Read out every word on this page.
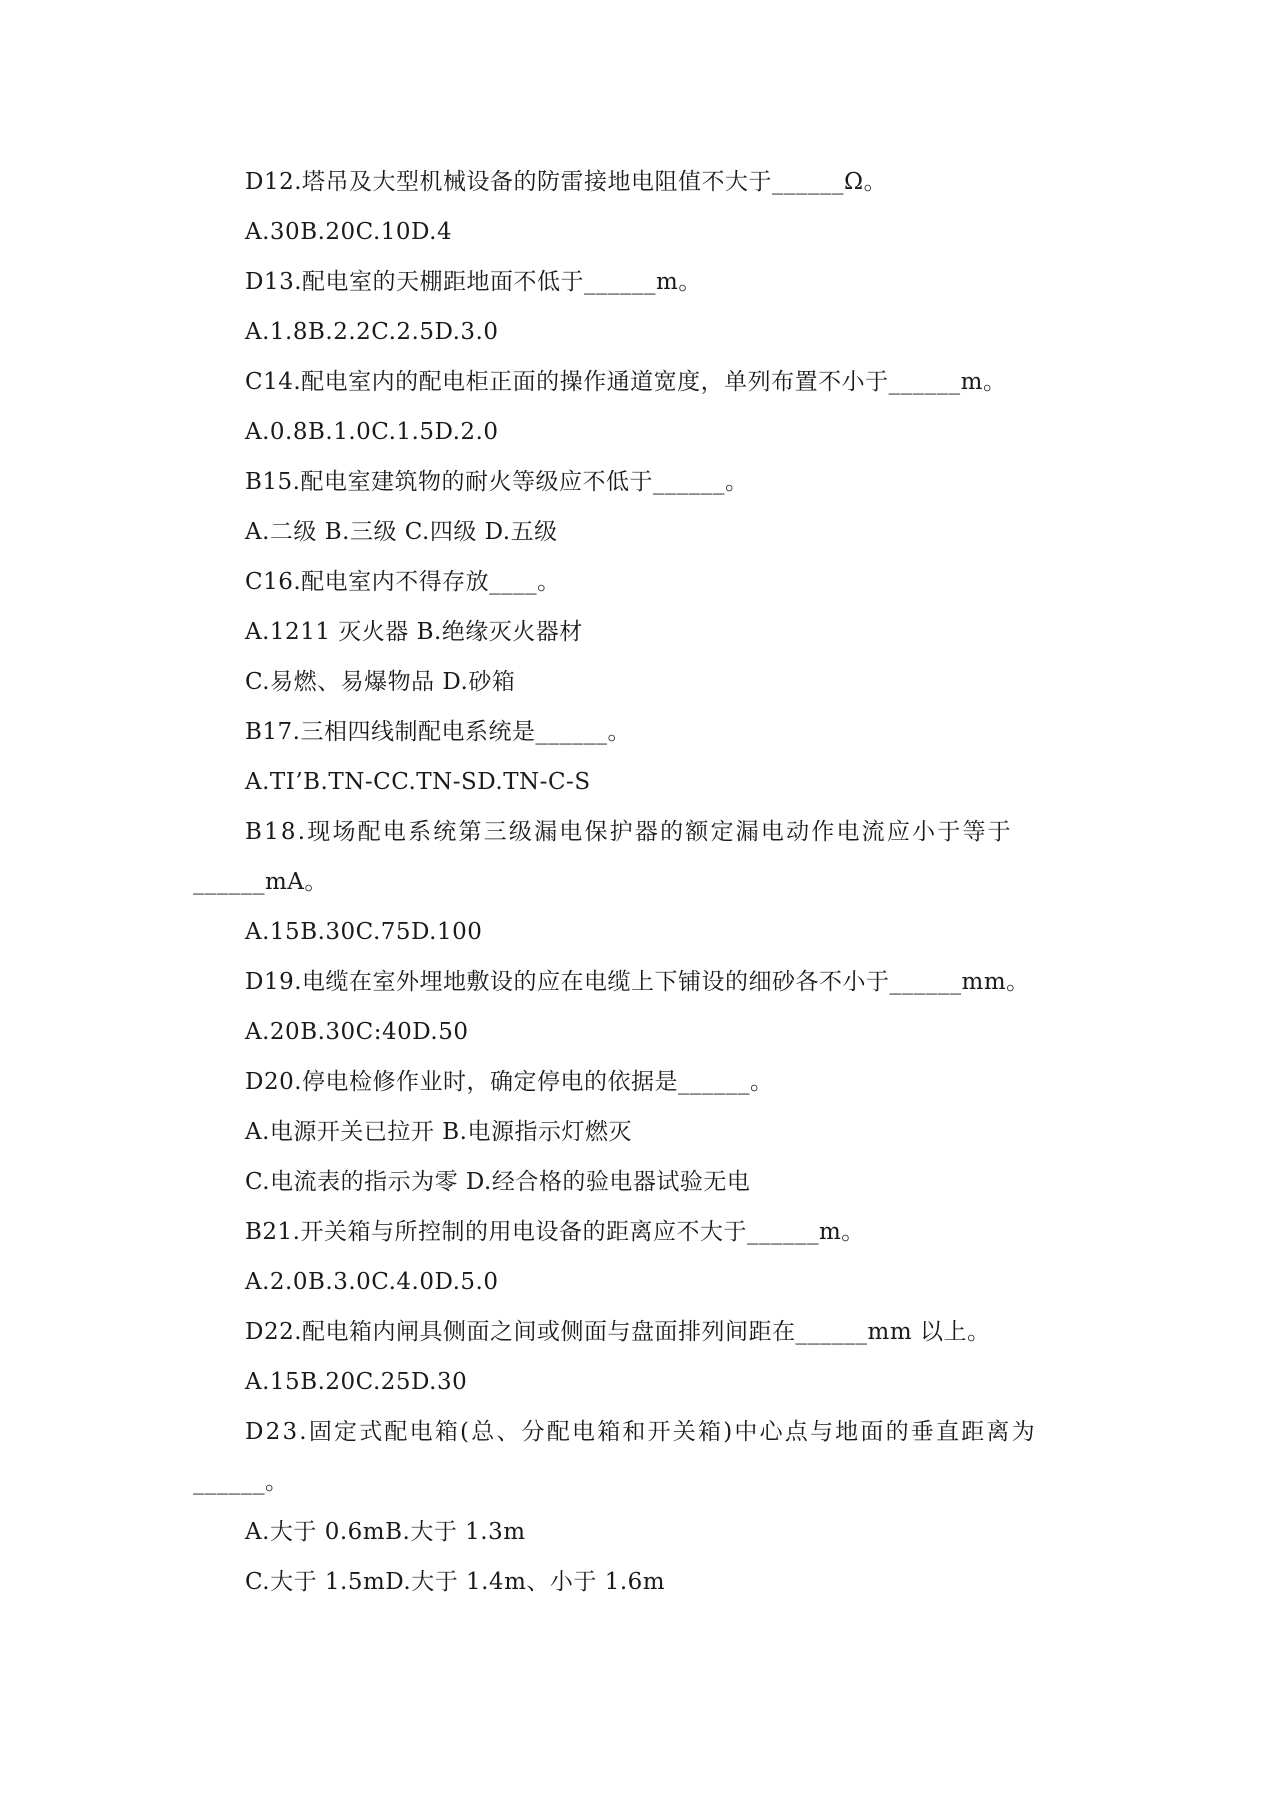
D12.塔吊及大型机械设备的防雷接地电阻值不大于______Ω。
A.30B.20C.10D.4
D13.配电室的天棚距地面不低于______m。
A.1.8B.2.2C.2.5D.3.0
C14.配电室内的配电柜正面的操作通道宽度，单列布置不小于______m。
A.0.8B.1.0C.1.5D.2.0
B15.配电室建筑物的耐火等级应不低于______。
A.二级 B.三级 C.四级 D.五级
C16.配电室内不得存放____。
A.1211 灭火器 B.绝缘灭火器材
C.易燃、易爆物品 D.砂箱
B17.三相四线制配电系统是______。
A.TI’B.TN-CC.TN-SD.TN-C-S
B18.现场配电系统第三级漏电保护器的额定漏电动作电流应小于等于
______mA。
A.15B.30C.75D.100
D19.电缆在室外埋地敷设的应在电缆上下铺设的细砂各不小于______mm。
A.20B.30C:40D.50
D20.停电检修作业时，确定停电的依据是______。
A.电源开关已拉开 B.电源指示灯燃灭
C.电流表的指示为零 D.经合格的验电器试验无电
B21.开关箱与所控制的用电设备的距离应不大于______m。
A.2.0B.3.0C.4.0D.5.0
D22.配电箱内闸具侧面之间或侧面与盘面排列间距在______mm 以上。
A.15B.20C.25D.30
D23.固定式配电箱(总、分配电箱和开关箱)中心点与地面的垂直距离为
______。
A.大于 0.6mB.大于 1.3m
C.大于 1.5mD.大于 1.4m、小于 1.6m
